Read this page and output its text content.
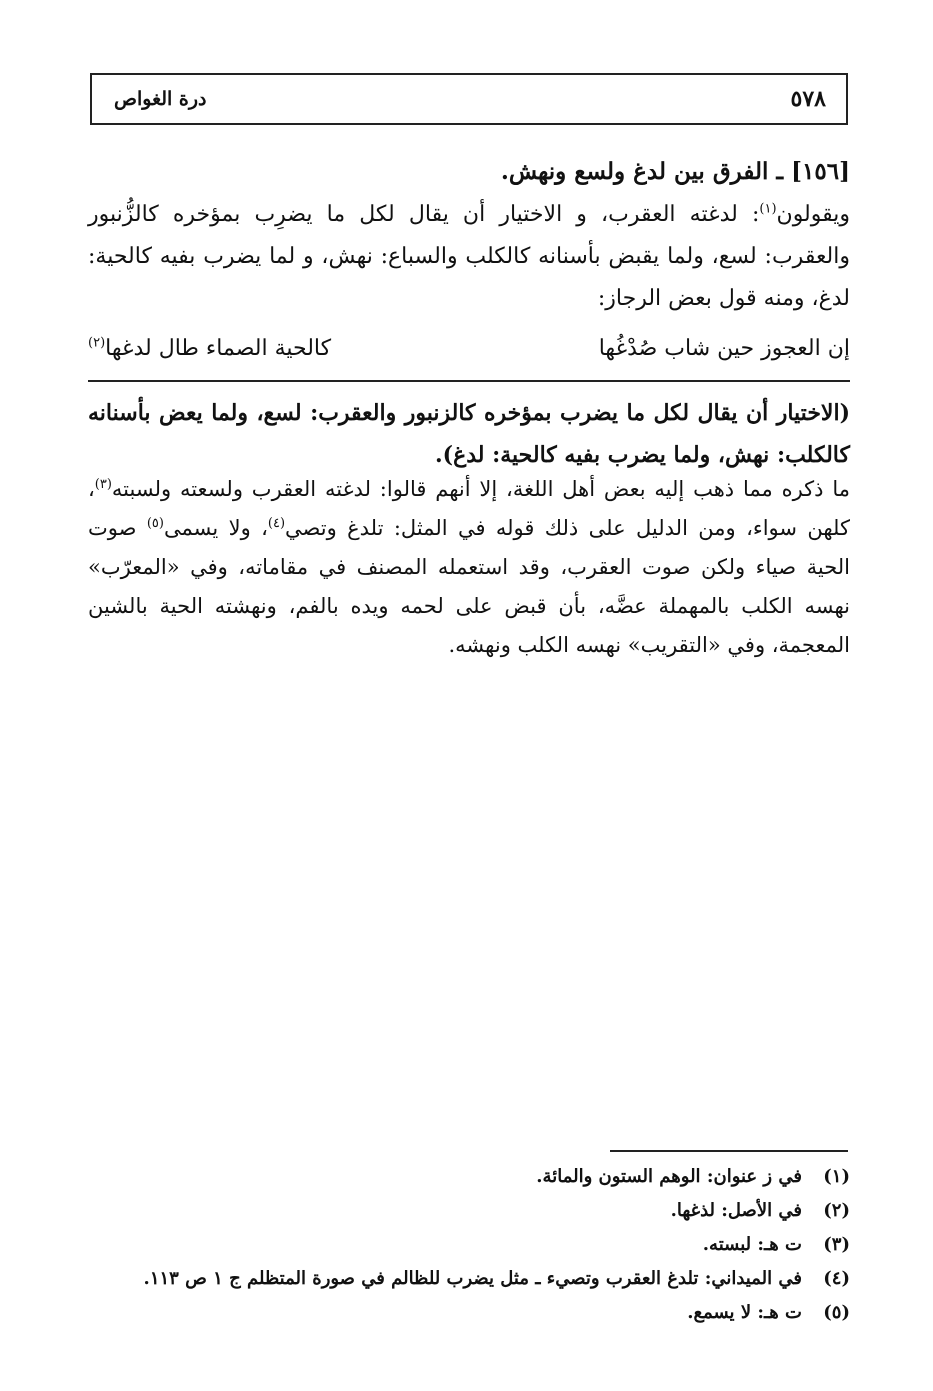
٥٧٨
درة الغواص
[١٥٦] ـ الفرق بين لدغ ولسع ونهش.
ويقولون$^{(١)}$: لدغته العقرب، و الاختيار أن يقال لكل ما يضرِب بمؤخره كالزُّنبور والعقرب: لسع، ولما يقبض بأسنانه كالكلب والسباع: نهش، و لما يضرب بفيه كالحية: لدغ، ومنه قول بعض الرجاز:
إن العجوز حين شاب صُدْغُها
كالحية الصماء طال لدغها$^{(٢)}$
(الاختيار أن يقال لكل ما يضرب بمؤخره كالزنبور والعقرب: لسع، ولما يعض بأسنانه كالكلب: نهش، ولما يضرب بفيه كالحية: لدغ).
ما ذكره مما ذهب إليه بعض أهل اللغة، إلا أنهم قالوا: لدغته العقرب ولسعته ولسبته$^{(٣)}$، كلهن سواء، ومن الدليل على ذلك قوله في المثل: تلدغ وتصي$^{(٤)}$، ولا يسمى$^{(٥)}$ صوت الحية صياء ولكن صوت العقرب، وقد استعمله المصنف في مقاماته، وفي «المعرّب» نهسه الكلب بالمهملة عضَّه، بأن قبض على لحمه ويده بالفم، ونهشته الحية بالشين المعجمة، وفي «التقريب» نهسه الكلب ونهشه.
(١)
في ز عنوان: الوهم الستون والمائة.
(٢)
في الأصل: لذغها.
(٣)
ت هـ: لبسته.
(٤)
في الميداني: تلدغ العقرب وتصيء ـ مثل يضرب للظالم في صورة المتظلم ج ١ ص ١١٣.
(٥)
ت هـ: لا يسمع.
